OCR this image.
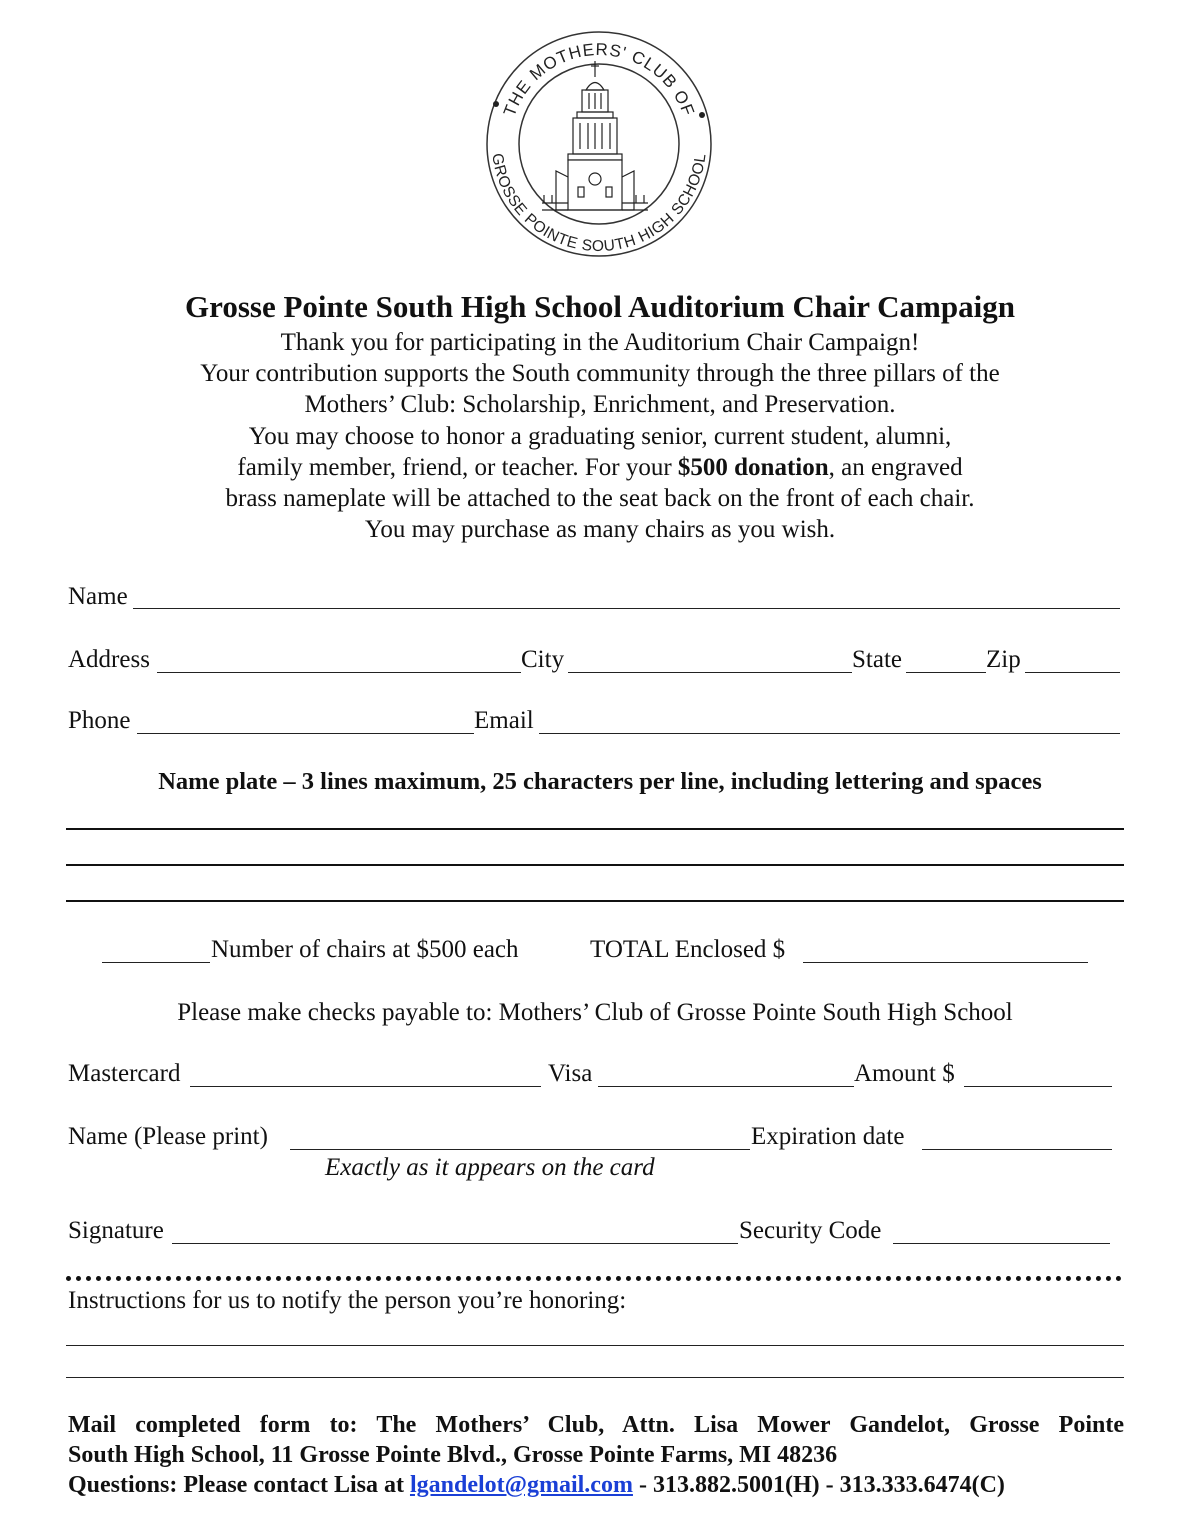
THE MOTHERS' CLUB OF
GROSSE POINTE SOUTH HIGH SCHOOL
Grosse Pointe South High School Auditorium Chair Campaign
Thank you for participating in the Auditorium Chair Campaign!
Your contribution supports the South community through the three pillars of the
Mothers’ Club: Scholarship, Enrichment, and Preservation.
You may choose to honor a graduating senior, current student, alumni,
family member, friend, or teacher. For your $500 donation, an engraved
brass nameplate will be attached to the seat back on the front of each chair.
You may purchase as many chairs as you wish.
Name
Address	City	State	Zip
Phone	Email
Name plate – 3 lines maximum, 25 characters per line, including lettering and spaces
Number of chairs at $500 each	TOTAL Enclosed $
Please make checks payable to: Mothers’ Club of Grosse Pointe South High School
Mastercard	Visa	Amount $
Name (Please print)	Expiration date
Exactly as it appears on the card
Signature	Security Code
Instructions for us to notify the person you’re honoring:
Mail completed form to: The Mothers’ Club, Attn. Lisa Mower Gandelot, Grosse Pointe
South High School, 11 Grosse Pointe Blvd., Grosse Pointe Farms, MI 48236
Questions: Please contact Lisa at lgandelot@gmail.com - 313.882.5001(H) - 313.333.6474(C)
